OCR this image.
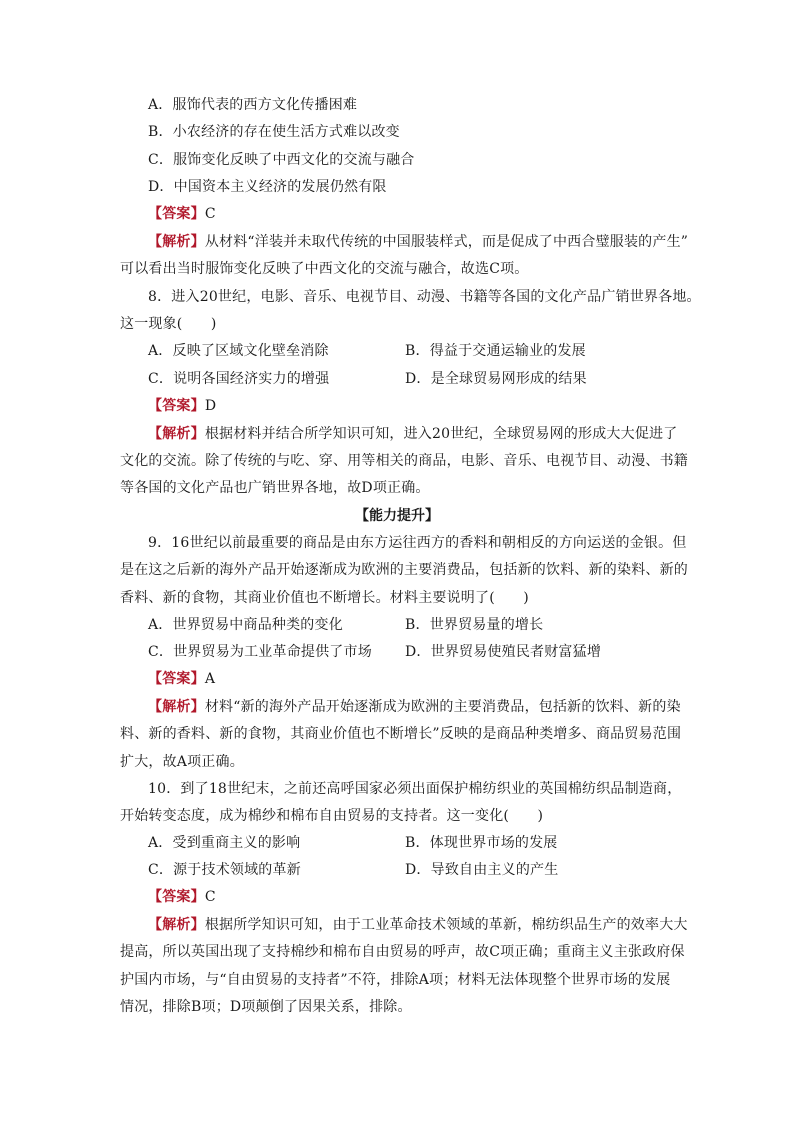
A．服饰代表的西方文化传播困难
B．小农经济的存在使生活方式难以改变
C．服饰变化反映了中西文化的交流与融合
D．中国资本主义经济的发展仍然有限
【答案】C
【解析】从材料“洋装并未取代传统的中国服装样式，而是促成了中西合璧服装的产生”
可以看出当时服饰变化反映了中西文化的交流与融合，故选C项。
8．进入20世纪，电影、音乐、电视节目、动漫、书籍等各国的文化产品广销世界各地。
这一现象(　　)
A．反映了区域文化壁垒消除	B．得益于交通运输业的发展
C．说明各国经济实力的增强	D．是全球贸易网形成的结果
【答案】D
【解析】根据材料并结合所学知识可知，进入20世纪，全球贸易网的形成大大促进了
文化的交流。除了传统的与吃、穿、用等相关的商品，电影、音乐、电视节目、动漫、书籍
等各国的文化产品也广销世界各地，故D项正确。
【能力提升】
9．16世纪以前最重要的商品是由东方运往西方的香料和朝相反的方向运送的金银。但
是在这之后新的海外产品开始逐渐成为欧洲的主要消费品，包括新的饮料、新的染料、新的
香料、新的食物，其商业价值也不断增长。材料主要说明了(　　)
A．世界贸易中商品种类的变化	B．世界贸易量的增长
C．世界贸易为工业革命提供了市场 D．世界贸易使殖民者财富猛增
【答案】A
【解析】材料“新的海外产品开始逐渐成为欧洲的主要消费品，包括新的饮料、新的染
料、新的香料、新的食物，其商业价值也不断增长”反映的是商品种类增多、商品贸易范围
扩大，故A项正确。
10．到了18世纪末，之前还高呼国家必须出面保护棉纺织业的英国棉纺织品制造商，
开始转变态度，成为棉纱和棉布自由贸易的支持者。这一变化(　　)
A．受到重商主义的影响	B．体现世界市场的发展
C．源于技术领域的革新	D．导致自由主义的产生
【答案】C
【解析】根据所学知识可知，由于工业革命技术领域的革新，棉纺织品生产的效率大大
提高，所以英国出现了支持棉纱和棉布自由贸易的呼声，故C项正确；重商主义主张政府保
护国内市场，与“自由贸易的支持者”不符，排除A项；材料无法体现整个世界市场的发展
情况，排除B项；D项颠倒了因果关系，排除。
